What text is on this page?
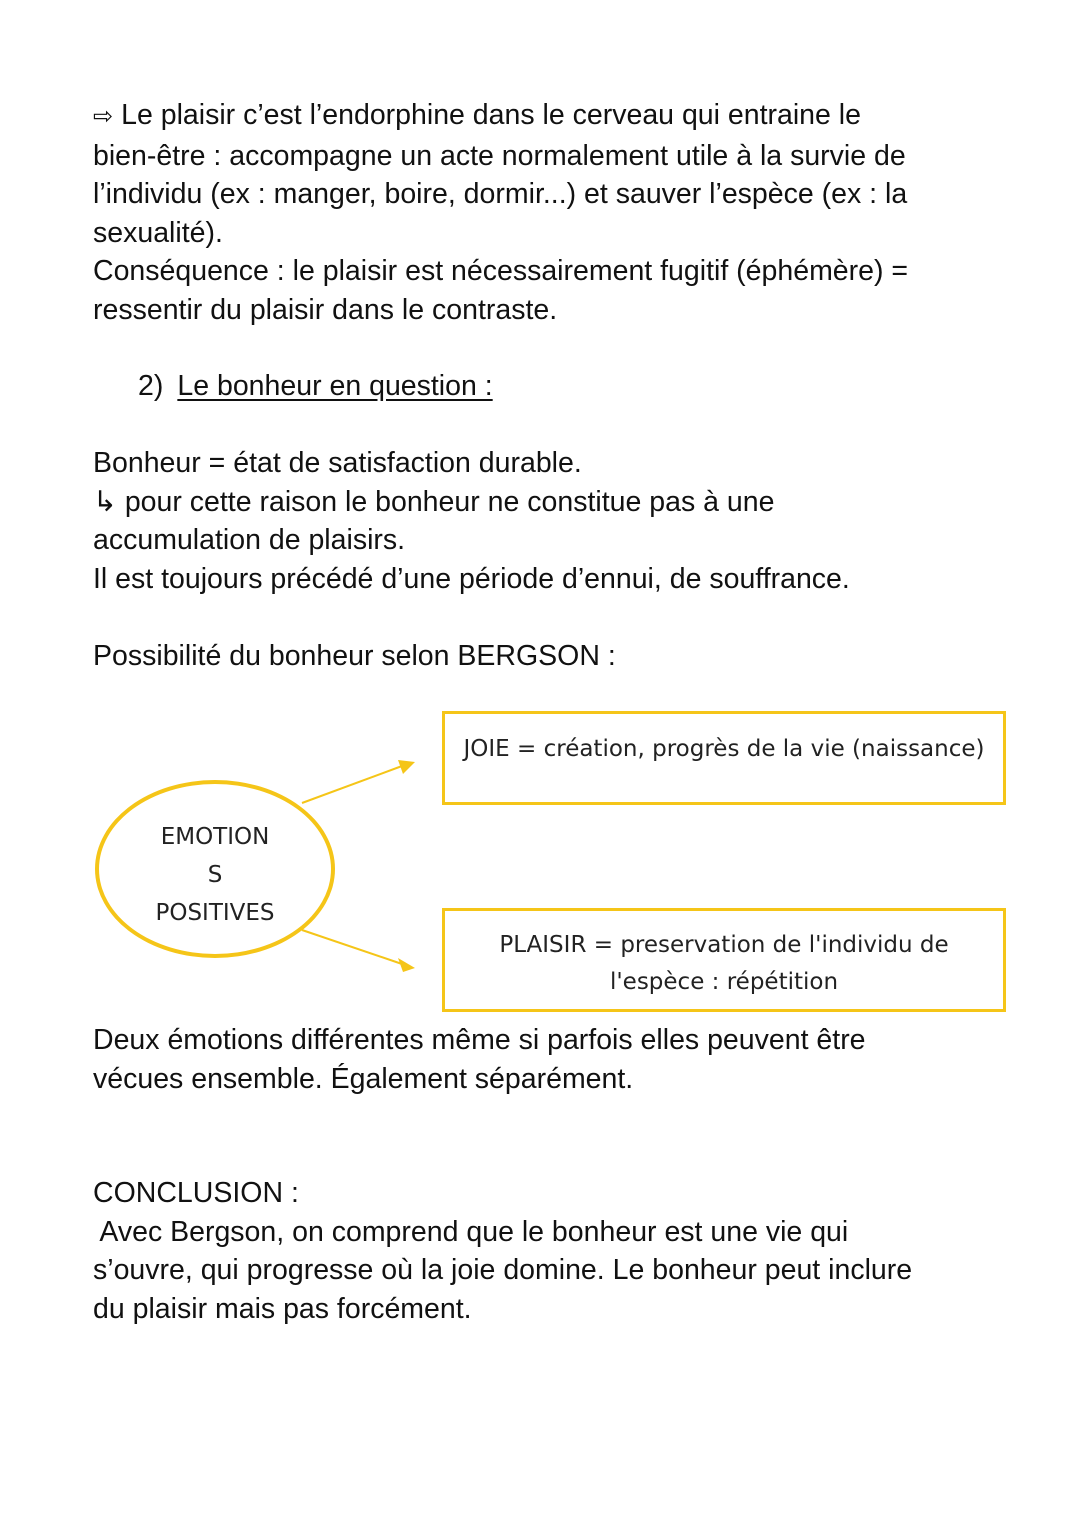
⇨ Le plaisir c’est l’endorphine dans le cerveau qui entraine le

bien-être : accompagne un acte normalement utile à la survie de

l’individu (ex : manger, boire, dormir...) et sauver l’espèce (ex : la

sexualité).

Conséquence : le plaisir est nécessairement fugitif (éphémère) =

ressentir du plaisir dans le contraste.

2) Le bonheur en question :

Bonheur = état de satisfaction durable.

↳ pour cette raison le bonheur ne constitue pas à une

accumulation de plaisirs.

Il est toujours précédé d’une période d’ennui, de souffrance.

Possibilité du bonheur selon BERGSON :
EMOTION
S
POSITIVES
JOIE = création, progrès de la vie (naissance)
PLAISIR = preservation de l'individu de
l'espèce : répétition

Deux émotions différentes même si parfois elles peuvent être

vécues ensemble. Également séparément.

CONCLUSION :

Avec Bergson, on comprend que le bonheur est une vie qui

s’ouvre, qui progresse où la joie domine. Le bonheur peut inclure

du plaisir mais pas forcément.
